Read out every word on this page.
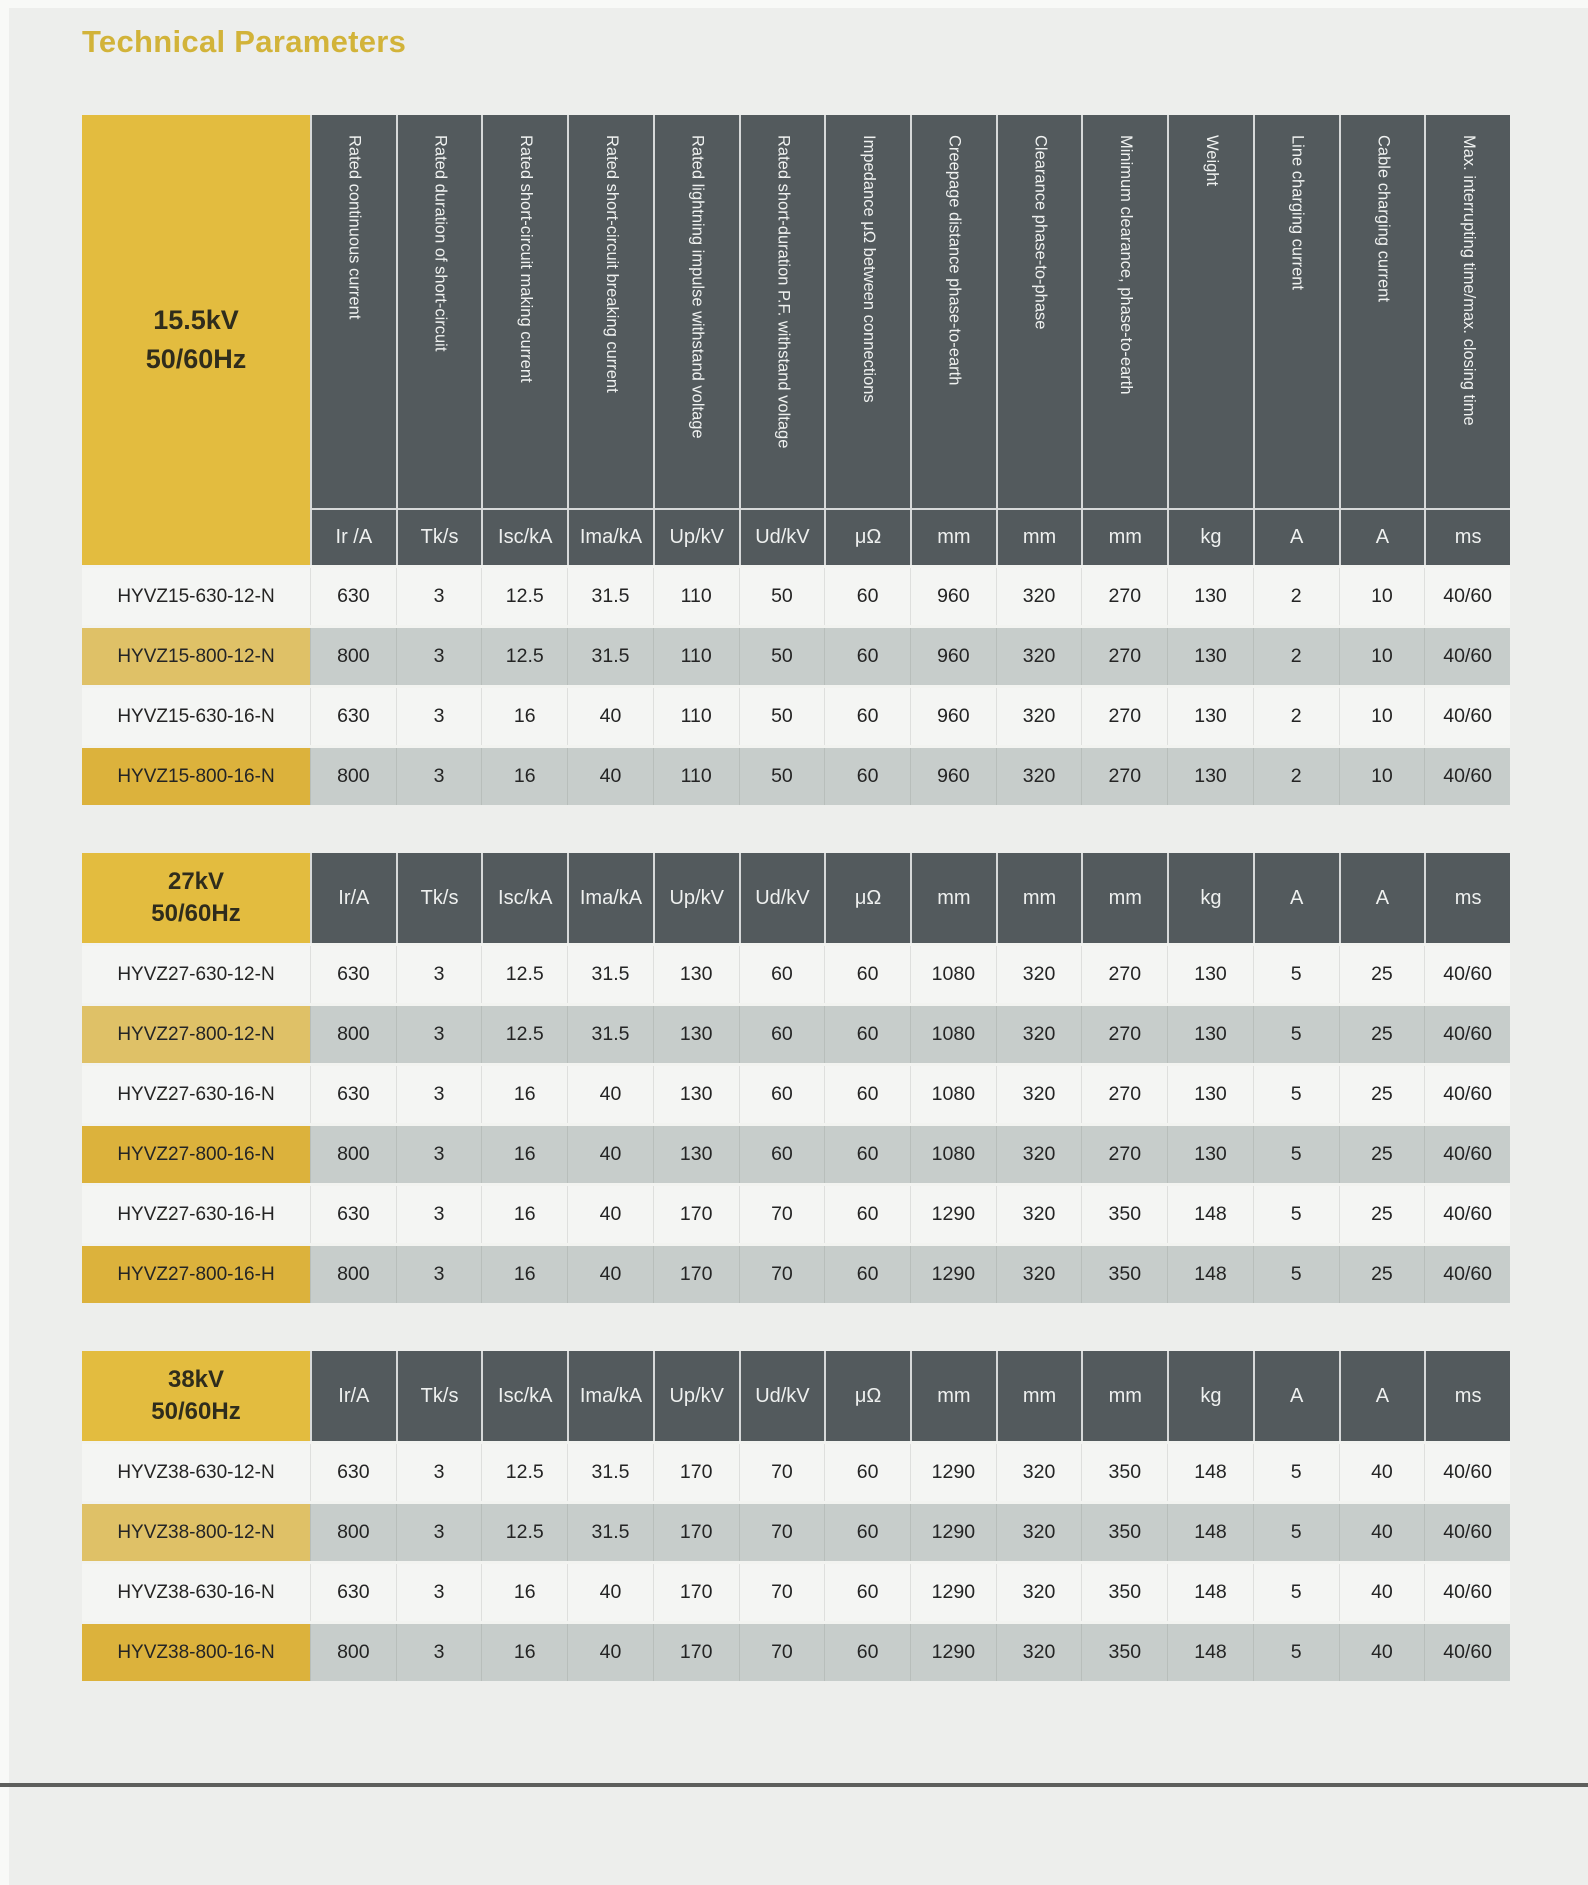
Technical Parameters
15.5kV
50/60Hz
Rated continuous current	Rated duration of short-circuit	Rated short-circuit making current	Rated short-circuit breaking current	Rated lightning impulse withstand voltage	Rated short-duration P.F. withstand voltage	Impedance μΩ between connections	Creepage distance phase-to-earth	Clearance phase-to-phase	Minimum clearance, phase-to-earth	Weight	Line charging current	Cable charging current	Max. interrupting time/max. closing time
Ir /A	Tk/s	Isc/kA	Ima/kA	Up/kV	Ud/kV	μΩ	mm	mm	mm	kg	A	A	ms
HYVZ15-630-12-N	630	3	12.5	31.5	110	50	60	960	320	270	130	2	10	40/60
HYVZ15-800-12-N	800	3	12.5	31.5	110	50	60	960	320	270	130	2	10	40/60
HYVZ15-630-16-N	630	3	16	40	110	50	60	960	320	270	130	2	10	40/60
HYVZ15-800-16-N	800	3	16	40	110	50	60	960	320	270	130	2	10	40/60
27kV
50/60Hz
Ir/A	Tk/s	Isc/kA	Ima/kA	Up/kV	Ud/kV	μΩ	mm	mm	mm	kg	A	A	ms
HYVZ27-630-12-N	630	3	12.5	31.5	130	60	60	1080	320	270	130	5	25	40/60
HYVZ27-800-12-N	800	3	12.5	31.5	130	60	60	1080	320	270	130	5	25	40/60
HYVZ27-630-16-N	630	3	16	40	130	60	60	1080	320	270	130	5	25	40/60
HYVZ27-800-16-N	800	3	16	40	130	60	60	1080	320	270	130	5	25	40/60
HYVZ27-630-16-H	630	3	16	40	170	70	60	1290	320	350	148	5	25	40/60
HYVZ27-800-16-H	800	3	16	40	170	70	60	1290	320	350	148	5	25	40/60
38kV
50/60Hz
Ir/A	Tk/s	Isc/kA	Ima/kA	Up/kV	Ud/kV	μΩ	mm	mm	mm	kg	A	A	ms
HYVZ38-630-12-N	630	3	12.5	31.5	170	70	60	1290	320	350	148	5	40	40/60
HYVZ38-800-12-N	800	3	12.5	31.5	170	70	60	1290	320	350	148	5	40	40/60
HYVZ38-630-16-N	630	3	16	40	170	70	60	1290	320	350	148	5	40	40/60
HYVZ38-800-16-N	800	3	16	40	170	70	60	1290	320	350	148	5	40	40/60
